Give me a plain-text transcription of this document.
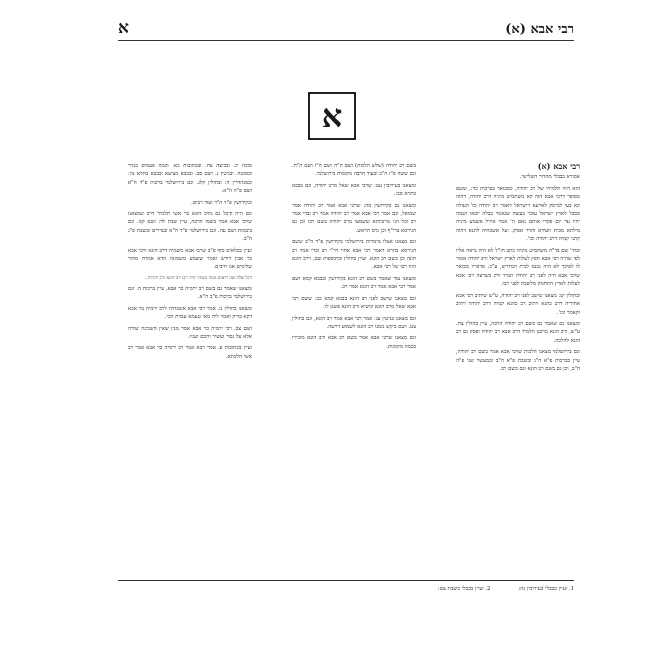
רבי אבא (א)
א
א
רבי אבא (א)

אמורא בבבלי מהדור השלישי.

הוא היה תלמידו של רב יהודה, כמבואר בברכות כד:, ששם מסופר דרבי אבא הוה קא משתמיט מיניה דרב יהודה, דהוה קא בעי למיסק לארעא דישראל דאמר רב יהודה כל העולה מבבל לארץ ישראל עובר בעשה שנאמר בבלה יובאו ושמה יהיו עד יום פקדי אותם נאם ה' אמר איזיל אשמע מיניה מילתא מבית וועידא והדר אפיק. ועל אשכחיה לתנא דהוה קתני קמיה דרב יהודה וכו'.

ובחי' שם בד"ה משתמיט מיניה כתב חו"ל לא היה נראה אליו לפי שהיה רבי אבא חפץ לעלות לארץ ישראל ורב יהודה אומר לו לפיכך לא היה נכנס לבית המדרש, ע"כ. מדבריו מבואר שרבי אבא היה לפני רב יהודה תמיד ורק בשרצה רבי אבא לעלות לארץ התחמק מלשבת לפני רבו.

ובחולין יט: מצאנו שישב לפני רב יהודה, ע"ש שיתיב רבי אבא אחוריה דרב כהנא ויתיב רב כהנא קמיה דרב יהודה ויתיב וקאמר וכו'.

ומצאנו גם שאמר גם בשם רב יהודה הרבה, עיין בחולין צח. ע"ש, ורב הונא מרבנן תלמיד דרב אבא רב יהודה ופסק גם רב הונא להלכה.

וגם בירושלמי מצאנו הלכות שרבי אבא אמר בשם רב יהודה, עיין בברכות פ"א ה"ג ובשבת פ"א ה"ב ובמעשר שני פ"ה ה"ב, וכן גם בשם רב הונא וגם בשם רב.

בשם רב יהודה (שלש הלכות) ושם ה"ה ושם ה"ז ושם ה"ח. וגם ששה פ"ז ה"ב ובעוד הרבה מקומות בירושלמי.

ומצאנו בעירובין עט: שרבי אבא שאל מרב יהודה, וגם בבבא בתרא סב:.

ומצאנו גם בקידושין מה: שרבי אבא אמר רב יהודה אמר שמואל, וגם אמר רבי אבא אמר רב יהודה אמר רב זבדי אמר רב וכל הני מרבוותא ששמעו מרב יהודה בשם רבו וכן גם הגירסא ברי"ף וכן גרס הראש.

וגם מצאנו אצלו מימרות בירושלמי בקידושין פ"ד ה"ב ששם הגירסא בהרא דאמר רבי אבא אחוי דר"י רב זבדי אמר רב חונה וכן בשם רב הונא. ועיין בחולין ובתוספות שם, דרב הונא הוה רבו של רבי אבא.

ומצאנו עוד שאמר בשם רב הונא בקידושין ובבבא קמא ושם אמר רבי אבא אמר רב הונא אמר רב.

וגם מצאנו שישב לפני רב הונא בבבא קמא כב: ששם רבי אבא שאל מרב הונא קושיא ורב הונא פשט לו.

וגם מצאנו בגיטין עג: אמר רבי אבא אמר רב הונא, וגם בחולין צט. ושם ביקש ממנו רב הונא לשמוע דרשה.

וגם מצאנו שרבי אבא אמר בשם רב אבא ורב הונא מזכירו בכמה מקומות.

סוכה יג: ובביצה צח. ובכתובות כא. וכמה פעמים בנזיר ובסוטה. ובגיטין נ. ושם סב. ובבבא מציעא ובבבא בתרא נה: ובסנהדרין ה: ובחולין קלג. וגם בירושלמי ברכות פ"ד ה"א ושם פ"ה ה"א.

ובקידושין פ"ד ה"ד ועוד רבים.

וגם היה קיבל גם מרב הונא בר אשי תלמיד דרב שמצאנו שרבי אבא אמר בשמו הרבה, עיין שבת לד: ושם קמ. וגם ביבמות ושם עה. וגם בירושלמי פ"ד ה"א ובנדרים ובשבת פ"ג ה"ב.

ועיין בכלאים סוף פ"ב שרבי אבא משמיה דרב הונא ורבי אבא בר אבין דורש ואמר ששמע משמונה הדא אמרה מהור שלימים אנו חיבים.

דכל אלה אנו רואים כמה בעיניו היה רבו רב הונא ורב יהודה.

ומצאנו שאמר גם בשם רב ירמיה בר אבא, עיין ברכות ה. וגם בירושלמי ברכות פ"ב ה"א.

ומצאנו בחולין נז. אמר רבי אבא אשכחיה לרב ירמיה בר אבא דקא בדיק ואמר ליה מאי טעמא עבדת הכי.

ושם צב. רבי ירמיה בר אבא אמר מנין שאין השכינה שורה אלא על גבור ועשיר וחכם ועניו.

ועיין בכתובות פ. אמר רבא אמר רב ירמיה בר אבא אמר רב אשי הלכתא.

1. ועיין בבבלי בעירובין נה:
2. ועיין בבבלי בשבת צט:
